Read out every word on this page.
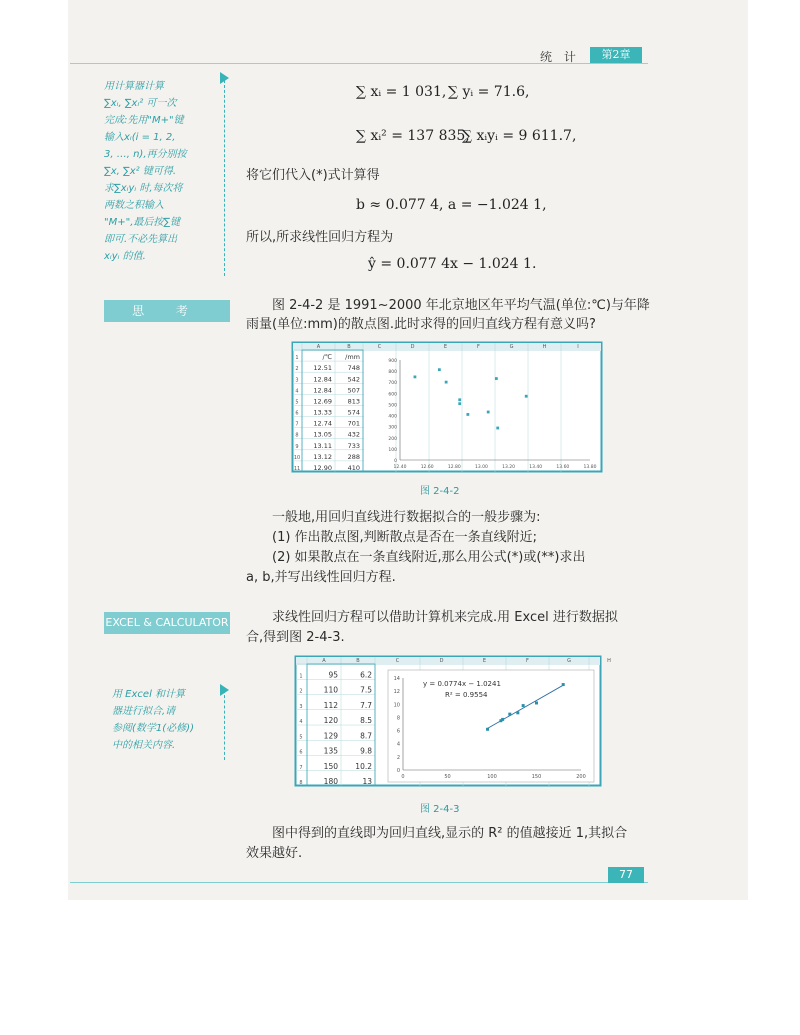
统 计	第2章
用计算器计算
∑xᵢ, ∑xᵢ² 可一次
完成:先用"M+"键
输入xᵢ(i = 1, 2,
3, …, n),再分别按
∑x, ∑x² 键可得.
求∑xᵢyᵢ 时,每次将
两数之积输入
"M+",最后按∑键
即可.不必先算出
xᵢyᵢ 的值.
思 考
∑ xᵢ = 1 031, ∑ yᵢ = 71.6,
∑ xᵢ² = 137 835,
∑ xᵢyᵢ = 9 611.7,
将它们代入(*)式计算得
b ≈ 0.077 4, a = −1.024 1,
所以,所求线性回归方程为
ŷ = 0.077 4x − 1.024 1.
图 2-4-2 是 1991~2000 年北京地区年平均气温(单位:℃)与年降
雨量(单位:mm)的散点图.此时求得的回归直线方程有意义吗?
A	B	C	D	E	F	G	H	I
1	/℃ /mm
2 12.51 748
3 12.84 542
4 12.84 507
5 12.69 813
6 13.33 574
7 12.74 701
8 13.05 432
9 13.11 733
10 13.12 288
11 12.90 410
0
100
200
300
400
500
600
700
800
900
12.40	12.60	12.80	13.00	13.20	13.40	13.60	13.80
图 2-4-2
一般地,用回归直线进行数据拟合的一般步骤为:
(1) 作出散点图,判断散点是否在一条直线附近;
(2) 如果散点在一条直线附近,那么用公式(*)或(**)求出
a, b,并写出线性回归方程.
EXCEL & CALCULATOR	求线性回归方程可以借助计算机来完成.用 Excel 进行数据拟
合,得到图 2-4-3.
用 Excel 和计算
器进行拟合,请
参阅(数学1(必修))
中的相关内容.
A	B	C	D	E	F	G	H
1	95	6.2
2	110	7.5
3	112	7.7
4	120	8.5
5	129	8.7
6	135	9.8
7	150 10.2
8	180	13
0
2
4
6
8
10
12
14
0	50	100	150	200
y = 0.0774x − 1.0241
R² = 0.9554
图 2-4-3
图中得到的直线即为回归直线,显示的 R² 的值越接近 1,其拟合
效果越好.
77
